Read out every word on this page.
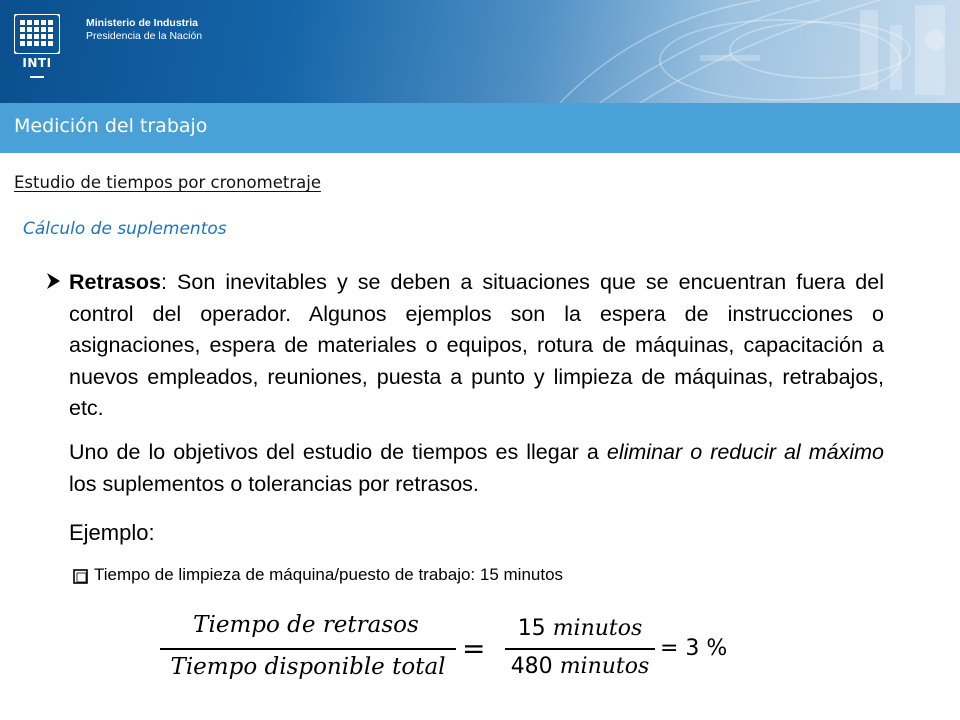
INTI
Ministerio de Industria
Presidencia de la Nación
Medición del trabajo
Estudio de tiempos por cronometraje
Cálculo de suplementos
Retrasos: Son inevitables y se deben a situaciones que se encuentran fuera del control del operador. Algunos ejemplos son la espera de instrucciones o asignaciones, espera de materiales o equipos, rotura de máquinas, capacitación a nuevos empleados, reuniones, puesta a punto y limpieza de máquinas, retrabajos, etc.
Uno de lo objetivos del estudio de tiempos es llegar a eliminar o reducir al máximo los suplementos o tolerancias por retrasos.
Ejemplo:
Tiempo de limpieza de máquina/puesto de trabajo: 15 minutos
Tiempo de retrasos
Tiempo disponible total
=
15 minutos
480 minutos
= 3 %
